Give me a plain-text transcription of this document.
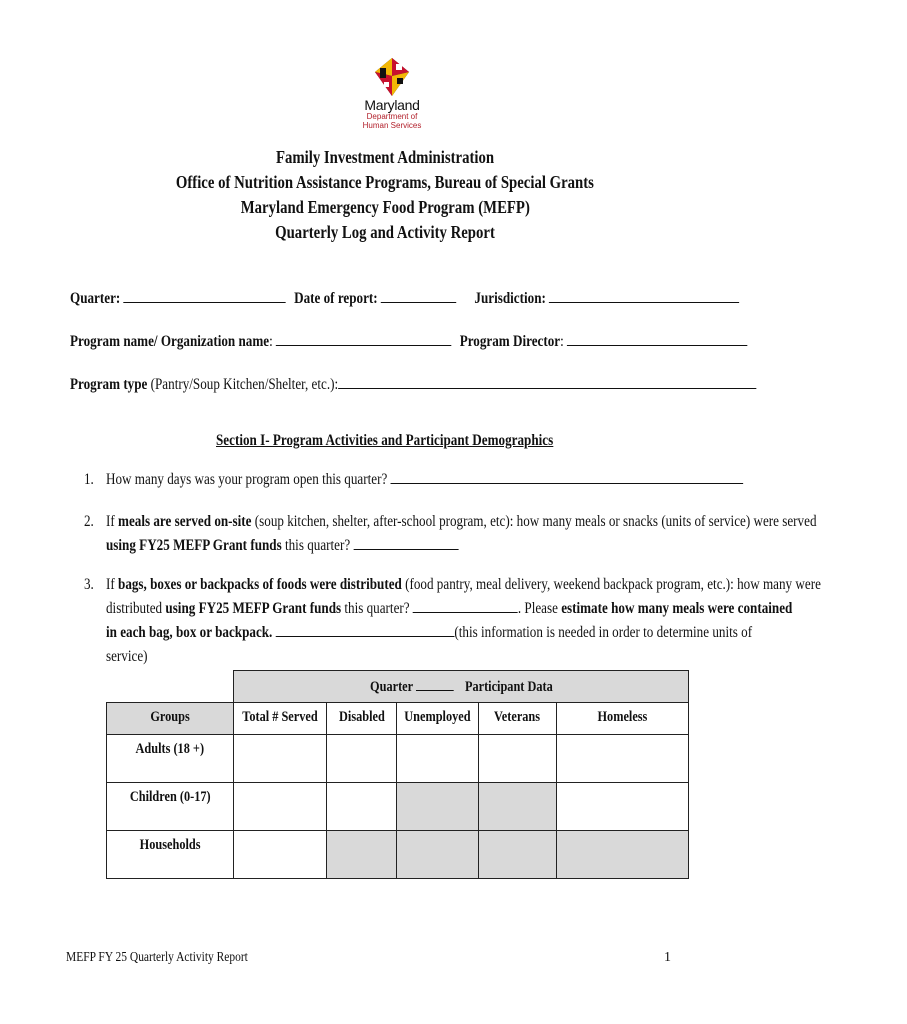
Maryland
Department of
Human Services
Family Investment Administration
Office of Nutrition Assistance Programs, Bureau of Special Grants
Maryland Emergency Food Program (MEFP)
Quarterly Log and Activity Report
Quarter:	Date of report:	Jurisdiction:
Program name/ Organization name:	Program Director:
Program type (Pantry/Soup Kitchen/Shelter, etc.):
Section I- Program Activities and Participant Demographics
1. How many days was your program open this quarter?
2. If meals are served on-site (soup kitchen, shelter, after-school program, etc): how many meals or snacks (units of service) were served
using FY25 MEFP Grant funds this quarter?
3. If bags, boxes or backpacks of foods were distributed (food pantry, meal delivery, weekend backpack program, etc.): how many were
distributed using FY25 MEFP Grant funds this quarter?	. Please estimate how many meals were contained
in each bag, box or backpack.	(this information is needed in order to determine units of
service)
	Quarter Participant Data				
Groups	Total # Served	Disabled	Unemployed	Veterans	Homeless
Adults (18 +)					
Children (0-17)					
Households					
MEFP FY 25 Quarterly Activity Report	1
